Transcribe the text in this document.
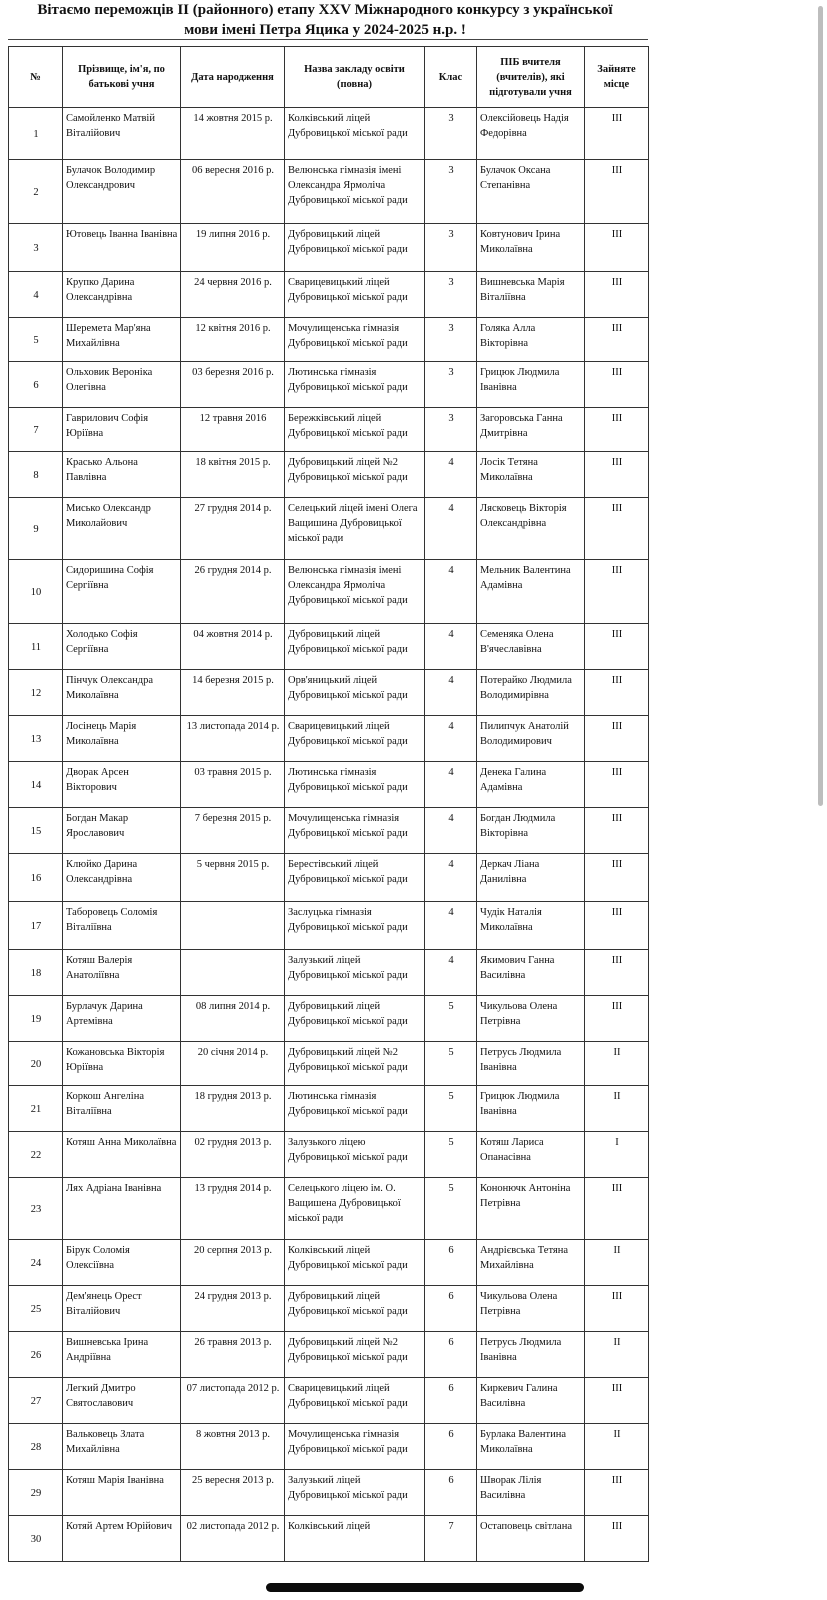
Вітаємо переможців ІІ (районного) етапу XXV Міжнародного конкурсу з української
мови імені Петра Яцика у 2024-2025 н.р. !
№	Прізвище, ім'я, по батькові учня	Дата народження	Назва закладу освіти (повна)	Клас	ПІБ вчителя (вчителів), які підготували учня	Зайняте місце
1	Самойленко Матвій Віталійович	14 жовтня 2015 р.	Колківський ліцей Дубровицької міської ради	3	Олексійовець Надія Федорівна	ІІІ
2	Булачок Володимир Олександрович	06 вересня 2016 р.	Велюнська гімназія імені Олександра Ярмоліча Дубровицької міської ради	3	Булачок Оксана Степанівна	ІІІ
3	Ютовець Іванна Іванівна	19 липня 2016 р.	Дубровицький ліцей Дубровицької міської ради	3	Ковтунович Ірина Миколаївна	ІІІ
4	Крупко Дарина Олександрівна	24 червня 2016 р.	Сварицевицький ліцей Дубровицької міської ради	3	Вишневська Марія Віталіївна	ІІІ
5	Шеремета Мар'яна Михайлівна	12 квітня 2016 р.	Мочулищенська гімназія Дубровицької міської ради	3	Голяка Алла Вікторівна	ІІІ
6	Ольховик Вероніка Олегівна	03 березня 2016 р.	Лютинська гімназія Дубровицької міської ради	3	Грицюк Людмила Іванівна	ІІІ
7	Гаврилович Софія Юріївна	12 травня 2016	Бережківський ліцей Дубровицької міської ради	3	Загоровська Ганна Дмитрівна	ІІІ
8	Красько Альона Павлівна	18 квітня 2015 р.	Дубровицький ліцей №2 Дубровицької міської ради	4	Лосік Тетяна Миколаївна	ІІІ
9	Мисько Олександр Миколайович	27 грудня 2014 р.	Селецький ліцей імені Олега Ващишина Дубровицької міської ради	4	Лясковець Вікторія Олександрівна	ІІІ
10	Сидоришина Софія Сергіївна	26 грудня 2014 р.	Велюнська гімназія імені Олександра Ярмоліча Дубровицької міської ради	4	Мельник Валентина Адамівна	ІІІ
11	Холодько Софія Сергіївна	04 жовтня 2014 р.	Дубровицький ліцей Дубровицької міської ради	4	Семеняка Олена В'ячеславівна	ІІІ
12	Пінчук Олександра Миколаївна	14 березня 2015 р.	Орв'яницький ліцей Дубровицької міської ради	4	Потерайко Людмила Володимирівна	ІІІ
13	Лосінець Марія Миколаївна	13 листопада 2014 р.	Сварицевицький ліцей Дубровицької міської ради	4	Пилипчук Анатолій Володимирович	ІІІ
14	Дворак Арсен Вікторович	03 травня 2015 р.	Лютинська гімназія Дубровицької міської ради	4	Денека Галина Адамівна	ІІІ
15	Богдан Макар Ярославович	7 березня 2015 р.	Мочулищенська гімназія Дубровицької міської ради	4	Богдан Людмила Вікторівна	ІІІ
16	Клюйко Дарина Олександрівна	5 червня 2015 р.	Берестівський ліцей Дубровицької міської ради	4	Деркач Ліана Данилівна	ІІІ
17	Таборовець Соломія Віталіївна		Заслуцька гімназія Дубровицької міської ради	4	Чудік Наталія Миколаївна	ІІІ
18	Котяш Валерія Анатоліївна		Залузький ліцей Дубровицької міської ради	4	Якимович Ганна Василівна	ІІІ
19	Бурлачук Дарина Артемівна	08 липня 2014 р.	Дубровицький ліцей Дубровицької міської ради	5	Чикульова Олена Петрівна	ІІІ
20	Кожановська Вікторія Юріївна	20 січня 2014 р.	Дубровицький ліцей №2 Дубровицької міської ради	5	Петрусь Людмила Іванівна	ІІ
21	Коркош Ангеліна Віталіївна	18 грудня 2013 р.	Лютинська гімназія Дубровицької міської ради	5	Грицюк Людмила Іванівна	ІІ
22	Котяш Анна Миколаївна	02 грудня 2013 р.	Залузького ліцею Дубровицької міської ради	5	Котяш Лариса Опанасівна	І
23	Лях Адріана Іванівна	13 грудня 2014 р.	Селецького ліцею ім. О. Ващишена Дубровицької міської ради	5	Кононючк Антоніна Петрівна	ІІІ
24	Бірук Соломія Олексіївна	20 серпня 2013 р.	Колківський ліцей Дубровицької міської ради	6	Андрієвська Тетяна Михайлівна	ІІ
25	Дем'янець Орест Віталійович	24 грудня 2013 р.	Дубровицький ліцей Дубровицької міської ради	6	Чикульова Олена Петрівна	ІІІ
26	Вишневська Ірина Андріївна	26 травня 2013 р.	Дубровицький ліцей №2 Дубровицької міської ради	6	Петрусь Людмила Іванівна	ІІ
27	Легкий Дмитро Святославович	07 листопада 2012 р.	Сварицевицький ліцей Дубровицької міської ради	6	Киркевич Галина Василівна	ІІІ
28	Вальковець Злата Михайлівна	8 жовтня 2013 р.	Мочулищенська гімназія Дубровицької міської ради	6	Бурлака Валентина Миколаївна	ІІ
29	Котяш Марія Іванівна	25 вересня 2013 р.	Залузький ліцей Дубровицької міської ради	6	Шворак Лілія Василівна	ІІІ
30	Котяй Артем Юрійович	02 листопада 2012 р.	Колківський ліцей	7	Остаповець світлана	ІІІ
